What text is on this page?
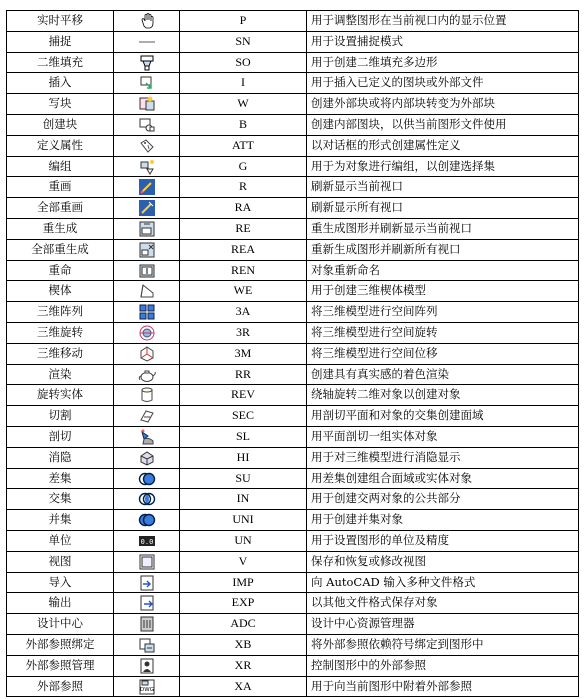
实时平移		P	用于调整图形在当前视口内的显示位置
捕捉		SN	用于设置捕捉模式
二维填充		SO	用于创建二维填充多边形
插入		I	用于插入已定义的图块或外部文件
写块		W	创建外部块或将内部块转变为外部块
创建块		B	创建内部图块，以供当前图形文件使用
定义属性		ATT	以对话框的形式创建属性定义
编组		G	用于为对象进行编组，以创建选择集
重画		R	刷新显示当前视口
全部重画		RA	刷新显示所有视口
重生成		RE	重生成图形并刷新显示当前视口
全部重生成		REA	重新生成图形并刷新所有视口
重命		REN	对象重新命名
楔体		WE	用于创建三维楔体模型
三维阵列		3A	将三维模型进行空间阵列
三维旋转		3R	将三维模型进行空间旋转
三维移动		3M	将三维模型进行空间位移
渲染		RR	创建具有真实感的着色渲染
旋转实体		REV	绕轴旋转二维对象以创建对象
切割		SEC	用剖切平面和对象的交集创建面域
剖切		SL	用平面剖切一组实体对象
消隐		HI	用于对三维模型进行消隐显示
差集		SU	用差集创建组合面域或实体对象
交集		IN	用于创建交两对象的公共部分
并集		UNI	用于创建并集对象
单位	0.0	UN	用于设置图形的单位及精度
视图		V	保存和恢复或修改视图
导入		IMP	向 AutoCAD 输入多种文件格式
输出		EXP	以其他文件格式保存对象
设计中心		ADC	设计中心资源管理器
外部参照绑定		XB	将外部参照依赖符号绑定到图形中
外部参照管理		XR	控制图形中的外部参照
外部参照	DWG	XA	用于向当前图形中附着外部参照
